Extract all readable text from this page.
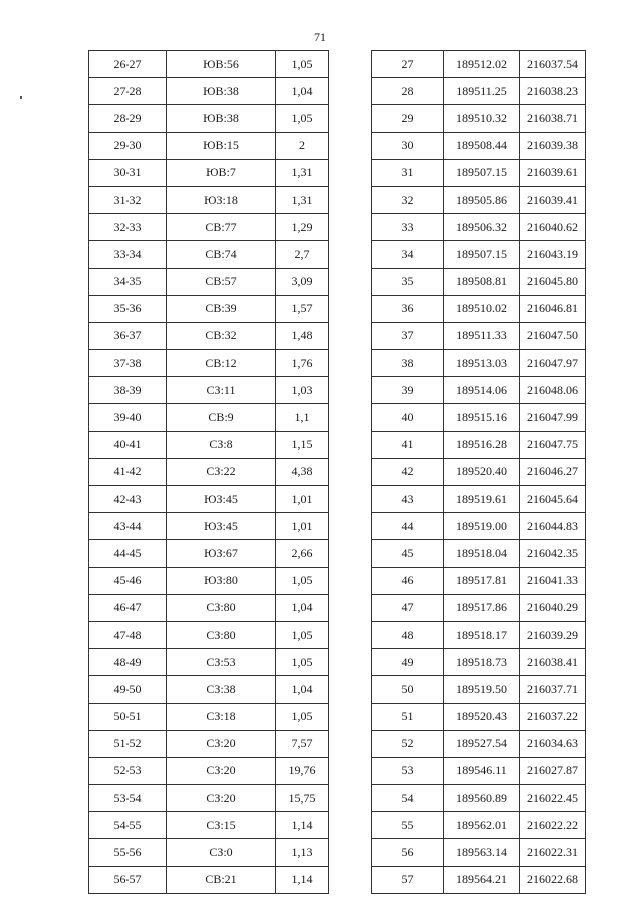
71
26-27	ЮВ:56	1,05	
27-28	ЮВ:38	1,04	
28-29	ЮВ:38	1,05	
29-30	ЮВ:15	2	
30-31	ЮВ:7	1,31	
31-32	ЮЗ:18	1,31	
32-33	СВ:77	1,29	
33-34	СВ:74	2,7	
34-35	СВ:57	3,09	
35-36	СВ:39	1,57	
36-37	СВ:32	1,48	
37-38	СВ:12	1,76	
38-39	СЗ:11	1,03	
39-40	СВ:9	1,1	
40-41	СЗ:8	1,15	
41-42	СЗ:22	4,38	
42-43	ЮЗ:45	1,01	
43-44	ЮЗ:45	1,01	
44-45	ЮЗ:67	2,66	
45-46	ЮЗ:80	1,05	
46-47	СЗ:80	1,04	
47-48	СЗ:80	1,05	
48-49	СЗ:53	1,05	
49-50	СЗ:38	1,04	
50-51	СЗ:18	1,05	
51-52	СЗ:20	7,57	
52-53	СЗ:20	19,76	
53-54	СЗ:20	15,75	
54-55	СЗ:15	1,14	
55-56	СЗ:0	1,13	
56-57	СВ:21	1,14	
27	189512.02	216037.54
28	189511.25	216038.23
29	189510.32	216038.71
30	189508.44	216039.38
31	189507.15	216039.61
32	189505.86	216039.41
33	189506.32	216040.62
34	189507.15	216043.19
35	189508.81	216045.80
36	189510.02	216046.81
37	189511.33	216047.50
38	189513.03	216047.97
39	189514.06	216048.06
40	189515.16	216047.99
41	189516.28	216047.75
42	189520.40	216046.27
43	189519.61	216045.64
44	189519.00	216044.83
45	189518.04	216042.35
46	189517.81	216041.33
47	189517.86	216040.29
48	189518.17	216039.29
49	189518.73	216038.41
50	189519.50	216037.71
51	189520.43	216037.22
52	189527.54	216034.63
53	189546.11	216027.87
54	189560.89	216022.45
55	189562.01	216022.22
56	189563.14	216022.31
57	189564.21	216022.68
